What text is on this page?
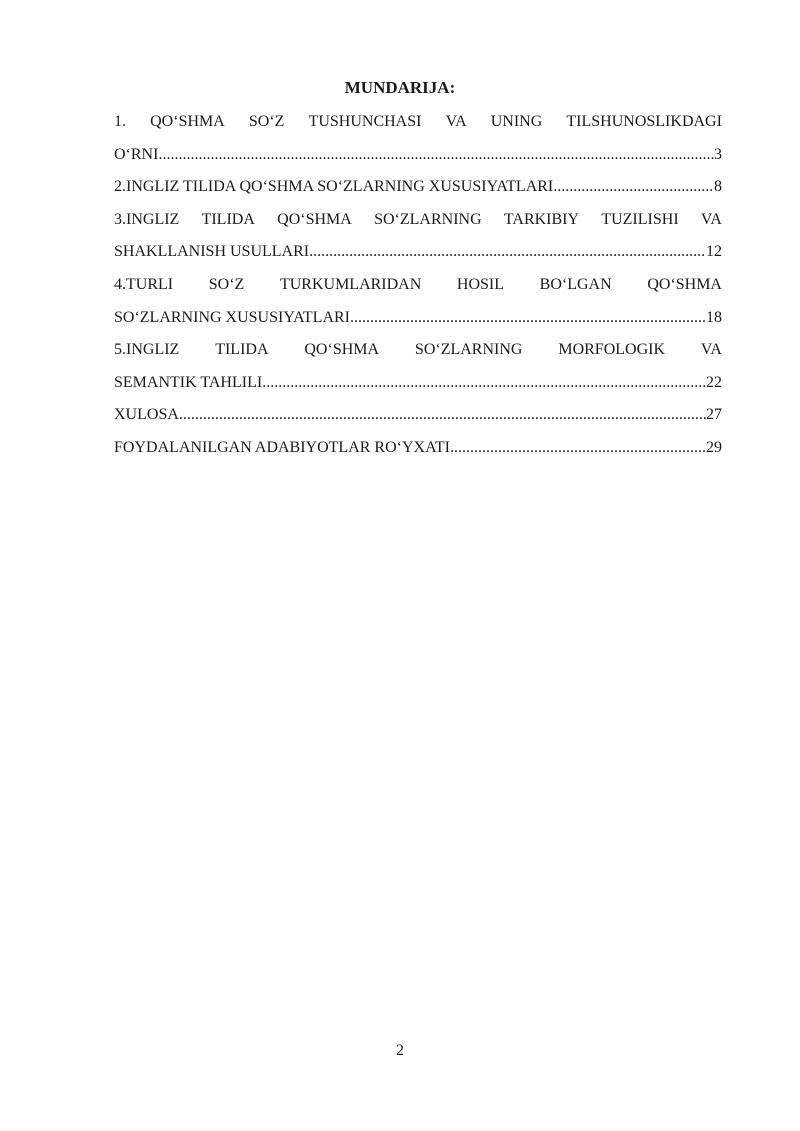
MUNDARIJA:
1. QO‘SHMA SO‘Z TUSHUNCHASI VA UNING TILSHUNOSLIKDAGI
O‘RNI .....	3
2.INGLIZ TILIDA QO‘SHMA SO‘ZLARNING XUSUSIYATLARI .....	8
3.INGLIZ TILIDA QO‘SHMA SO‘ZLARNING TARKIBIY TUZILISHI VA
SHAKLLANISH USULLARI .....	12
4.TURLI SO‘Z TURKUMLARIDAN HOSIL BO‘LGAN QO‘SHMA
SO‘ZLARNING XUSUSIYATLARI .....	18
5.INGLIZ TILIDA QO‘SHMA SO‘ZLARNING MORFOLOGIK VA
SEMANTIK TAHLILI .....	22
XULOSA .....	27
FOYDALANILGAN ADABIYOTLAR RO‘YXATI .....	29
2
